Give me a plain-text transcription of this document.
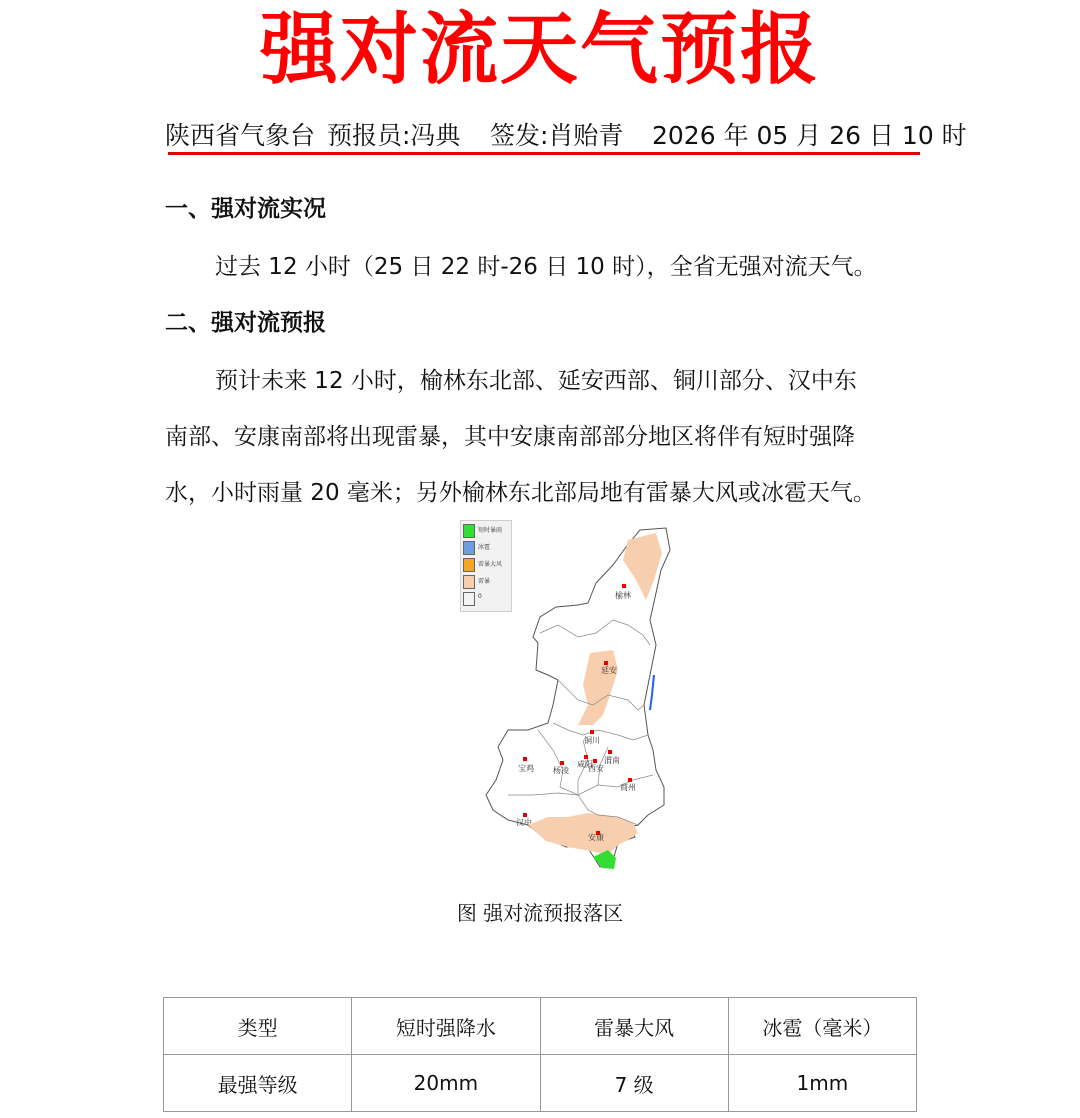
强对流天气预报
陕西省气象台 预报员:冯典 签发:肖贻青 2026 年 05 月 26 日 10 时
一、强对流实况
过去 12 小时（25 日 22 时-26 日 10 时），全省无强对流天气。
二、强对流预报
预计未来 12 小时，榆林东北部、延安西部、铜川部分、汉中东
南部、安康南部将出现雷暴，其中安康南部部分地区将伴有短时强降
水，小时雨量 20 毫米；另外榆林东北部局地有雷暴大风或冰雹天气。
短时暴雨
冰雹
雷暴大风
雷暴
0	榆林
延安
铜川
宝鸡	咸阳
杨凌 西安
渭南
商州
汉中
安康
图 强对流预报落区
类型	短时强降水	雷暴大风	冰雹（毫米）
最强等级	20mm	7 级	1mm
